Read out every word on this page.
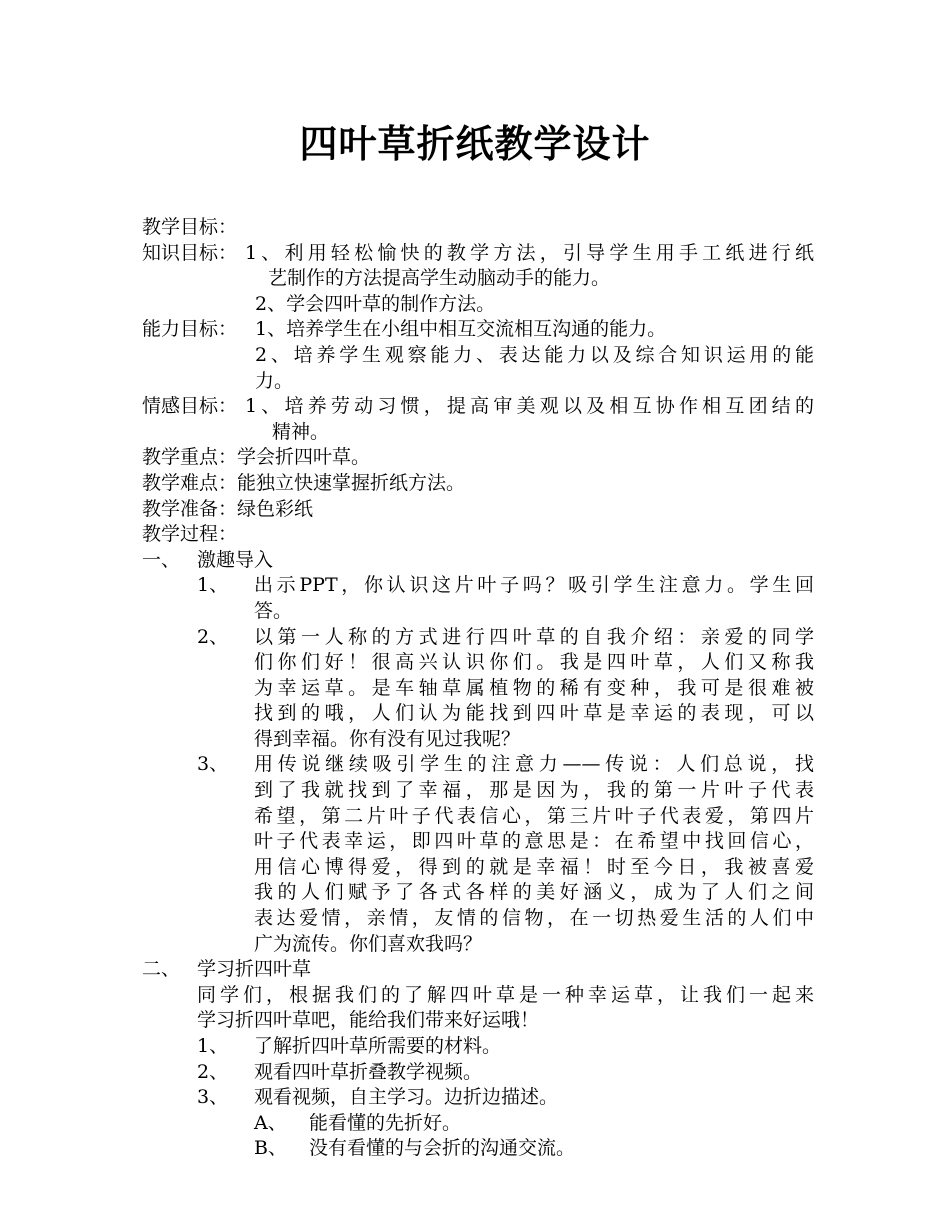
四叶草折纸教学设计
教学目标：
知识目标： 1、利用轻松愉快的教学方法，引导学生用手工纸进行纸
艺制作的方法提高学生动脑动手的能力。
2、学会四叶草的制作方法。
能力目标： 1、培养学生在小组中相互交流相互沟通的能力。
2、培养学生观察能力、表达能力以及综合知识运用的能
力。
情感目标： 1、培养劳动习惯，提高审美观以及相互协作相互团结的
精神。
教学重点：学会折四叶草。
教学难点：能独立快速掌握折纸方法。
教学准备：绿色彩纸
教学过程：
一、 激趣导入
1、 出示PPT，你认识这片叶子吗？吸引学生注意力。学生回
答。
2、 以第一人称的方式进行四叶草的自我介绍：亲爱的同学
们你们好！很高兴认识你们。我是四叶草，人们又称我
为幸运草。是车轴草属植物的稀有变种，我可是很难被
找到的哦，人们认为能找到四叶草是幸运的表现，可以
得到幸福。你有没有见过我呢？
3、 用传说继续吸引学生的注意力——传说：人们总说，找
到了我就找到了幸福，那是因为，我的第一片叶子代表
希望，第二片叶子代表信心，第三片叶子代表爱，第四片
叶子代表幸运，即四叶草的意思是：在希望中找回信心，
用信心博得爱，得到的就是幸福！时至今日，我被喜爱
我的人们赋予了各式各样的美好涵义，成为了人们之间
表达爱情，亲情，友情的信物，在一切热爱生活的人们中
广为流传。你们喜欢我吗？
二、 学习折四叶草
同学们，根据我们的了解四叶草是一种幸运草，让我们一起来
学习折四叶草吧，能给我们带来好运哦！
1、 了解折四叶草所需要的材料。
2、 观看四叶草折叠教学视频。
3、 观看视频，自主学习。边折边描述。
A、 能看懂的先折好。
B、 没有看懂的与会折的沟通交流。
